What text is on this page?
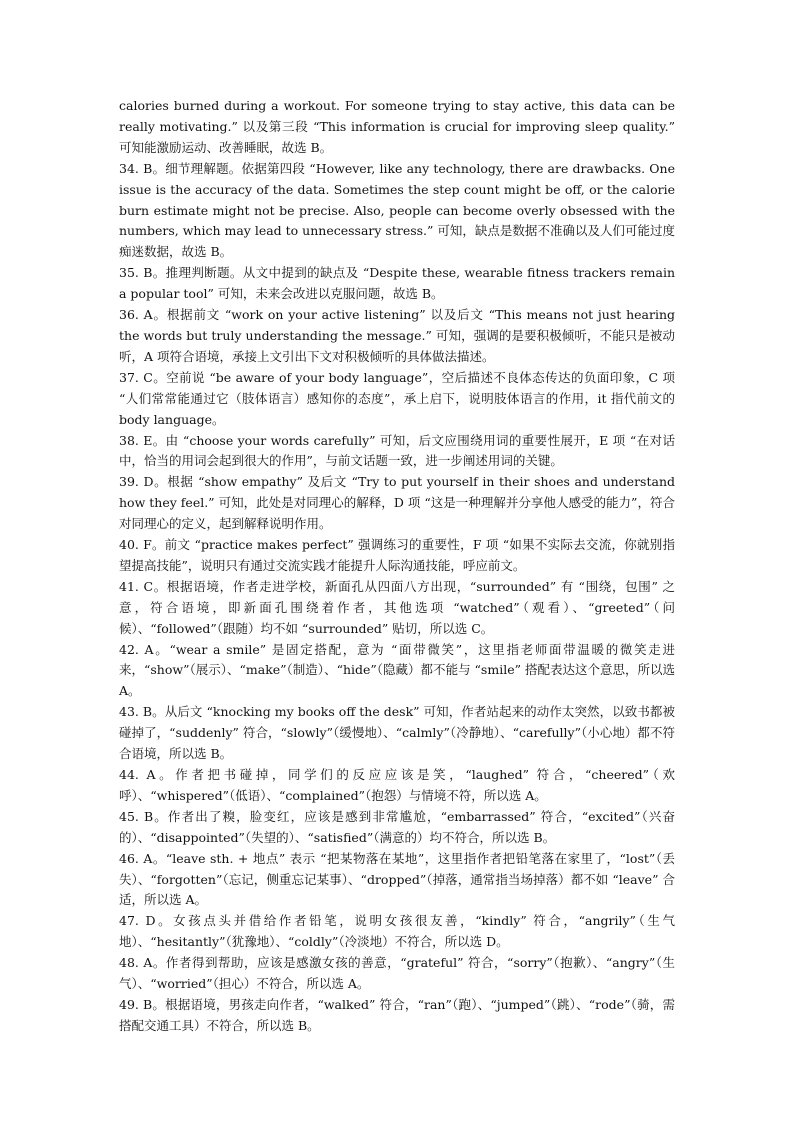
calories burned during a workout. For someone trying to stay active, this data can be really motivating.” 以及第三段 “This information is crucial for improving sleep quality.” 可知能激励运动、改善睡眠，故选 B。

34. B。细节理解题。依据第四段 “However, like any technology, there are drawbacks. One issue is the accuracy of the data. Sometimes the step count might be off, or the calorie burn estimate might not be precise. Also, people can become overly obsessed with the numbers, which may lead to unnecessary stress.” 可知，缺点是数据不准确以及人们可能过度痴迷数据，故选 B。

35. B。推理判断题。从文中提到的缺点及 “Despite these, wearable fitness trackers remain a popular tool” 可知，未来会改进以克服问题，故选 B。

36. A。根据前文 “work on your active listening” 以及后文 “This means not just hearing the words but truly understanding the message.” 可知，强调的是要积极倾听，不能只是被动听，A 项符合语境，承接上文引出下文对积极倾听的具体做法描述。

37. C。空前说 “be aware of your body language”，空后描述不良体态传达的负面印象，C 项 “人们常常能通过它（肢体语言）感知你的态度”，承上启下，说明肢体语言的作用，it 指代前文的 body language。

38. E。由 “choose your words carefully” 可知，后文应围绕用词的重要性展开，E 项 “在对话中，恰当的用词会起到很大的作用”，与前文话题一致，进一步阐述用词的关键。

39. D。根据 “show empathy” 及后文 “Try to put yourself in their shoes and understand how they feel.” 可知，此处是对同理心的解释，D 项 “这是一种理解并分享他人感受的能力”，符合对同理心的定义，起到解释说明作用。

40. F。前文 “practice makes perfect” 强调练习的重要性，F 项 “如果不实际去交流，你就别指望提高技能”，说明只有通过交流实践才能提升人际沟通技能，呼应前文。

41. C。根据语境，作者走进学校，新面孔从四面八方出现，“surrounded” 有 “围绕，包围” 之意，符合语境，即新面孔围绕着作者，其他选项 “watched”（观看）、“greeted”（问候）、“followed”（跟随）均不如 “surrounded” 贴切，所以选 C。

42. A。“wear a smile” 是固定搭配，意为 “面带微笑”，这里指老师面带温暖的微笑走进来，“show”（展示）、“make”（制造）、“hide”（隐藏）都不能与 “smile” 搭配表达这个意思，所以选 A。

43. B。从后文 “knocking my books off the desk” 可知，作者站起来的动作太突然，以致书都被碰掉了，“suddenly” 符合，“slowly”（缓慢地）、“calmly”（冷静地）、“carefully”（小心地）都不符合语境，所以选 B。

44. A。作者把书碰掉，同学们的反应应该是笑，“laughed” 符合，“cheered”（欢呼）、“whispered”（低语）、“complained”（抱怨）与情境不符，所以选 A。

45. B。作者出了糗，脸变红，应该是感到非常尴尬，“embarrassed” 符合，“excited”（兴奋的）、“disappointed”（失望的）、“satisfied”（满意的）均不符合，所以选 B。

46. A。“leave sth. + 地点” 表示 “把某物落在某地”，这里指作者把铅笔落在家里了，“lost”（丢失）、“forgotten”（忘记，侧重忘记某事）、“dropped”（掉落，通常指当场掉落）都不如 “leave” 合适，所以选 A。

47. D。女孩点头并借给作者铅笔，说明女孩很友善，“kindly” 符合，“angrily”（生气地）、“hesitantly”（犹豫地）、“coldly”（冷淡地）不符合，所以选 D。

48. A。作者得到帮助，应该是感激女孩的善意，“grateful” 符合，“sorry”（抱歉）、“angry”（生气）、“worried”（担心）不符合，所以选 A。

49. B。根据语境，男孩走向作者，“walked” 符合，“ran”（跑）、“jumped”（跳）、“rode”（骑，需搭配交通工具）不符合，所以选 B。
